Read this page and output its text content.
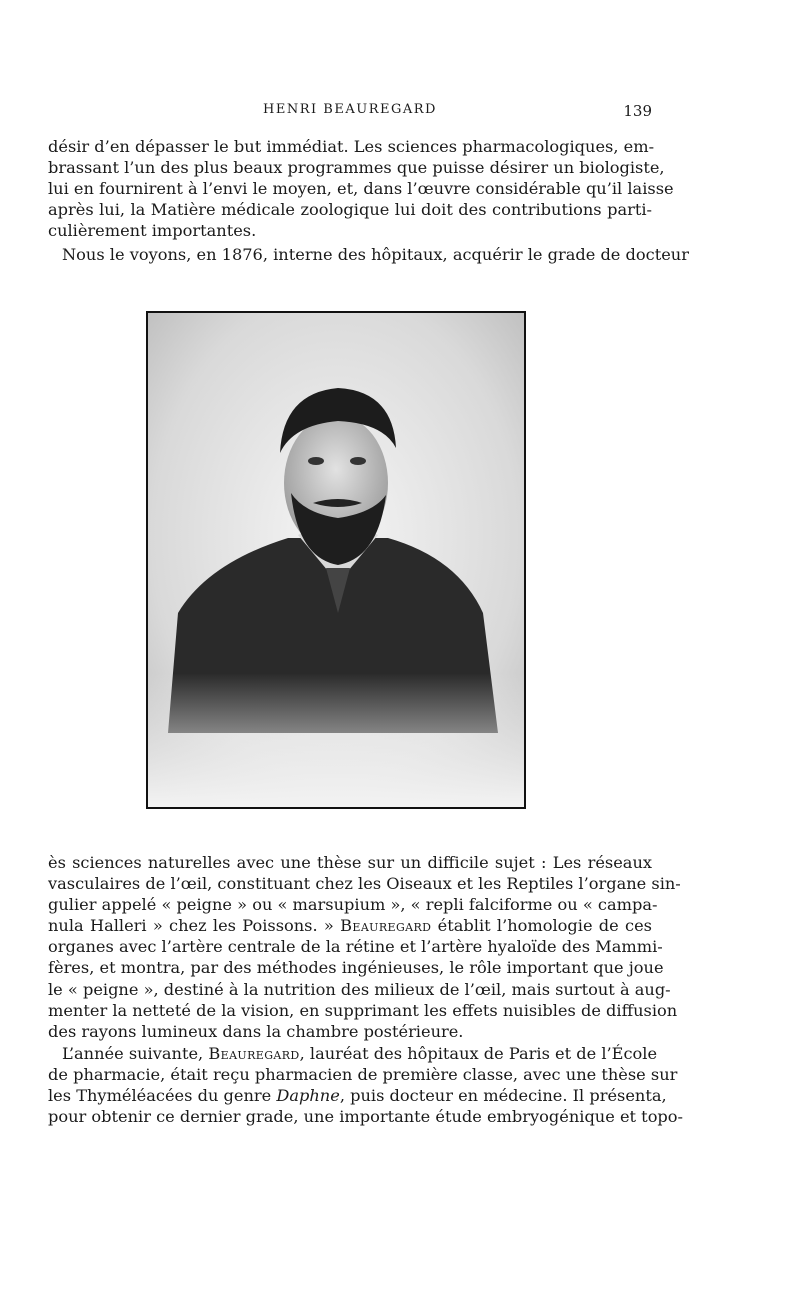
HENRI BEAUREGARD	139
désir d’en dépasser le but immédiat. Les sciences pharmacologiques, em-
brassant l’un des plus beaux programmes que puisse désirer un biologiste,
lui en fournirent à l’envi le moyen, et, dans l’œuvre considérable qu’il laisse
après lui, la Matière médicale zoologique lui doit des contributions parti-
culièrement importantes.
Nous le voyons, en 1876, interne des hôpitaux, acquérir le grade de docteur
ès sciences naturelles avec une thèse sur un difficile sujet : Les réseaux
vasculaires de l’œil, constituant chez les Oiseaux et les Reptiles l’organe sin-
gulier appelé « peigne » ou « marsupium », « repli falciforme ou « campa-
nula Halleri » chez les Poissons. » Beauregard établit l’homologie de ces
organes avec l’artère centrale de la rétine et l’artère hyaloïde des Mammi-
fères, et montra, par des méthodes ingénieuses, le rôle important que joue
le « peigne », destiné à la nutrition des milieux de l’œil, mais surtout à aug-
menter la netteté de la vision, en supprimant les effets nuisibles de diffusion
des rayons lumineux dans la chambre postérieure.
L’année suivante, Beauregard, lauréat des hôpitaux de Paris et de l’École
de pharmacie, était reçu pharmacien de première classe, avec une thèse sur
les Thyméléacées du genre Daphne, puis docteur en médecine. Il présenta,
pour obtenir ce dernier grade, une importante étude embryogénique et topo-
